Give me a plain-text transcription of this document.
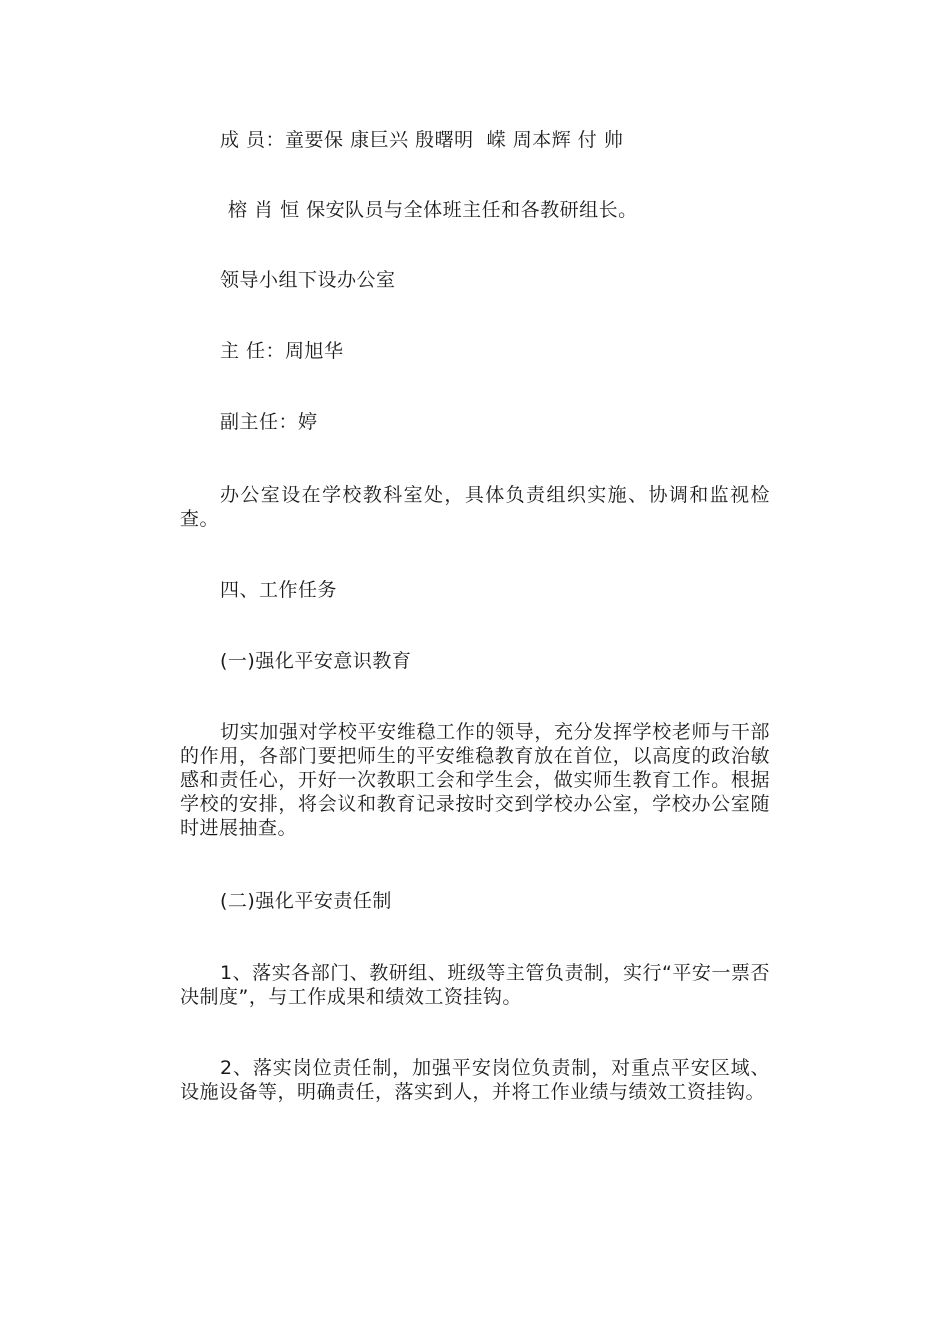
成 员：童要保 康巨兴 殷曙明  嵘 周本辉 付 帅
榕 肖 恒 保安队员与全体班主任和各教研组长。
领导小组下设办公室
主 任：周旭华
副主任：婷
办公室设在学校教科室处，具体负责组织实施、协调和监视检查。
四、工作任务
(一)强化平安意识教育
切实加强对学校平安维稳工作的领导，充分发挥学校老师与干部的作用，各部门要把师生的平安维稳教育放在首位，以高度的政治敏感和责任心，开好一次教职工会和学生会，做实师生教育工作。根据学校的安排，将会议和教育记录按时交到学校办公室，学校办公室随时进展抽查。
(二)强化平安责任制
1、落实各部门、教研组、班级等主管负责制，实行“平安一票否决制度”，与工作成果和绩效工资挂钩。
2、落实岗位责任制，加强平安岗位负责制，对重点平安区域、设施设备等，明确责任，落实到人，并将工作业绩与绩效工资挂钩。
